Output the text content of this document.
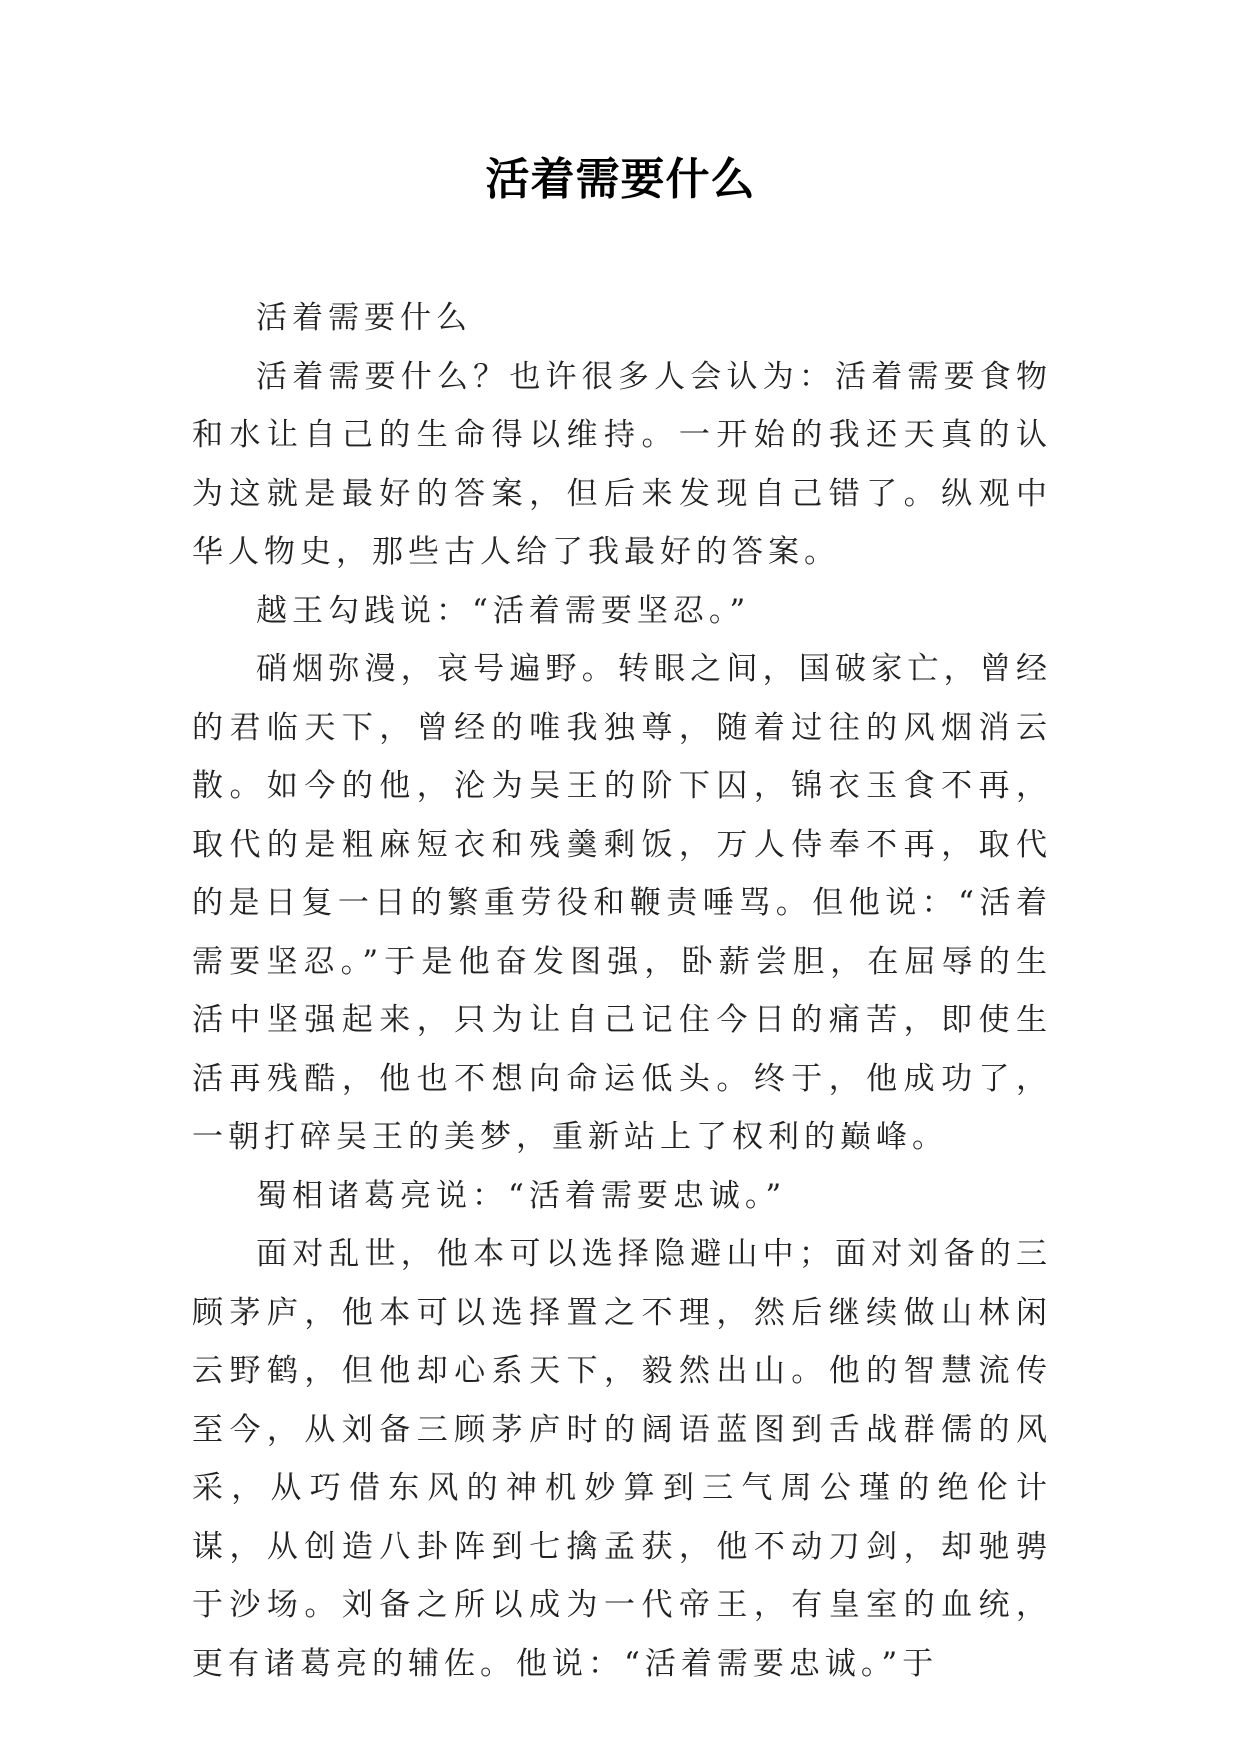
活着需要什么

活着需要什么

活着需要什么？也许很多人会认为：活着需要食物和水让自己的生命得以维持。一开始的我还天真的认为这就是最好的答案，但后来发现自己错了。纵观中华人物史，那些古人给了我最好的答案。

越王勾践说：“活着需要坚忍。”

硝烟弥漫，哀号遍野。转眼之间，国破家亡，曾经的君临天下，曾经的唯我独尊，随着过往的风烟消云散。如今的他，沦为吴王的阶下囚，锦衣玉食不再，取代的是粗麻短衣和残羹剩饭，万人侍奉不再，取代的是日复一日的繁重劳役和鞭责唾骂。但他说：“活着需要坚忍。”于是他奋发图强，卧薪尝胆，在屈辱的生活中坚强起来，只为让自己记住今日的痛苦，即使生活再残酷，他也不想向命运低头。终于，他成功了，一朝打碎吴王的美梦，重新站上了权利的巅峰。

蜀相诸葛亮说：“活着需要忠诚。”

面对乱世，他本可以选择隐避山中；面对刘备的三顾茅庐，他本可以选择置之不理，然后继续做山林闲云野鹤，但他却心系天下，毅然出山。他的智慧流传至今，从刘备三顾茅庐时的阔语蓝图到舌战群儒的风采，从巧借东风的神机妙算到三气周公瑾的绝伦计谋，从创造八卦阵到七擒孟获，他不动刀剑，却驰骋于沙场。刘备之所以成为一代帝王，有皇室的血统，更有诸葛亮的辅佐。他说：“活着需要忠诚。”于
